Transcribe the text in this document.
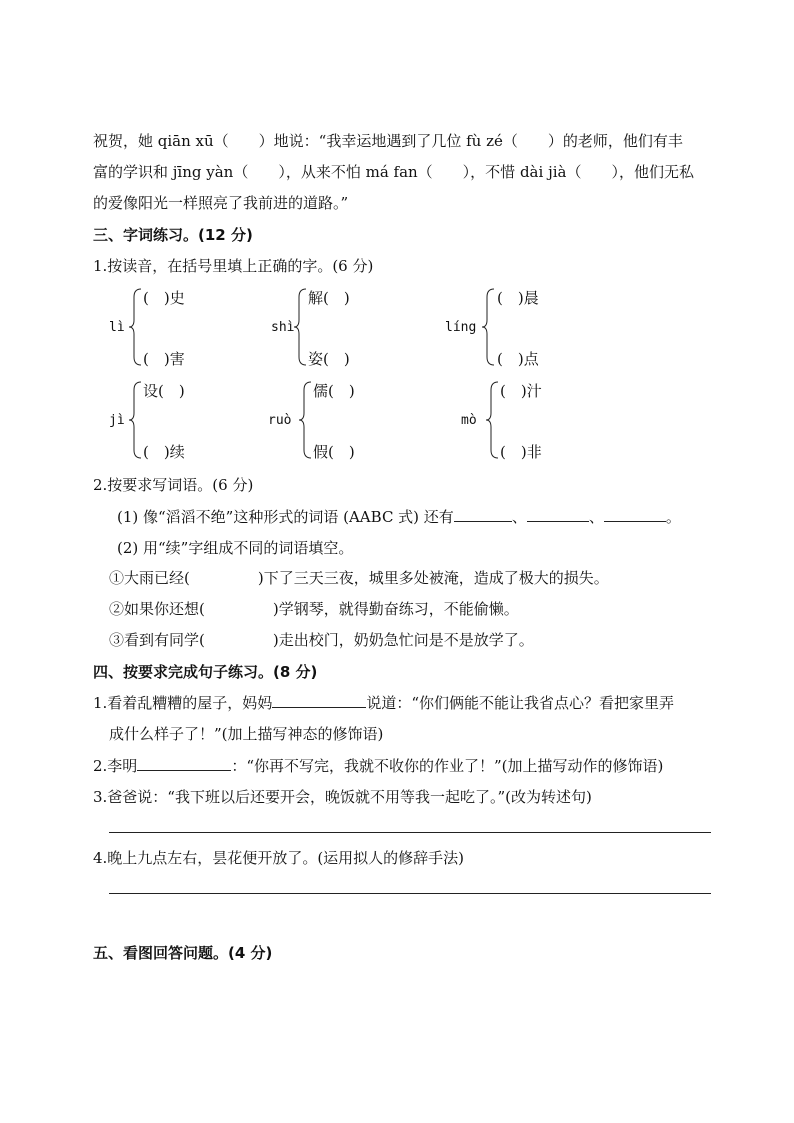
祝贺，她 qiān xū（　　）地说：“我幸运地遇到了几位 fù zé（　　）的老师，他们有丰
富的学识和 jīng yàn（　　），从来不怕 má fan（　　），不惜 dài jià（　　），他们无私
的爱像阳光一样照亮了我前进的道路。”
三、字词练习。(12 分)
1.按读音，在括号里填上正确的字。(6 分)
lì
(　)史
(　)害
shì
解(　)
姿(　)
líng
(　)晨
(　)点
jì
设(　)
(　)续
ruò
儒(　)
假(　)
mò
(　)汁
(　)非
2.按要求写词语。(6 分)
(1) 像“滔滔不绝”这种形式的词语 (AABC 式) 还有	、	、	。
(2) 用“续”字组成不同的词语填空。
①大雨已经(	)下了三天三夜，城里多处被淹，造成了极大的损失。
②如果你还想(	)学钢琴，就得勤奋练习，不能偷懒。
③看到有同学(	)走出校门，奶奶急忙问是不是放学了。
四、按要求完成句子练习。(8 分)
1.看着乱糟糟的屋子，妈妈	说道：“你们俩能不能让我省点心？看把家里弄
成什么样子了！”(加上描写神态的修饰语)
2.李明	：“你再不写完，我就不收你的作业了！”(加上描写动作的修饰语)
3.爸爸说：“我下班以后还要开会，晚饭就不用等我一起吃了。”(改为转述句)
4.晚上九点左右，昙花便开放了。(运用拟人的修辞手法)
五、看图回答问题。(4 分)
